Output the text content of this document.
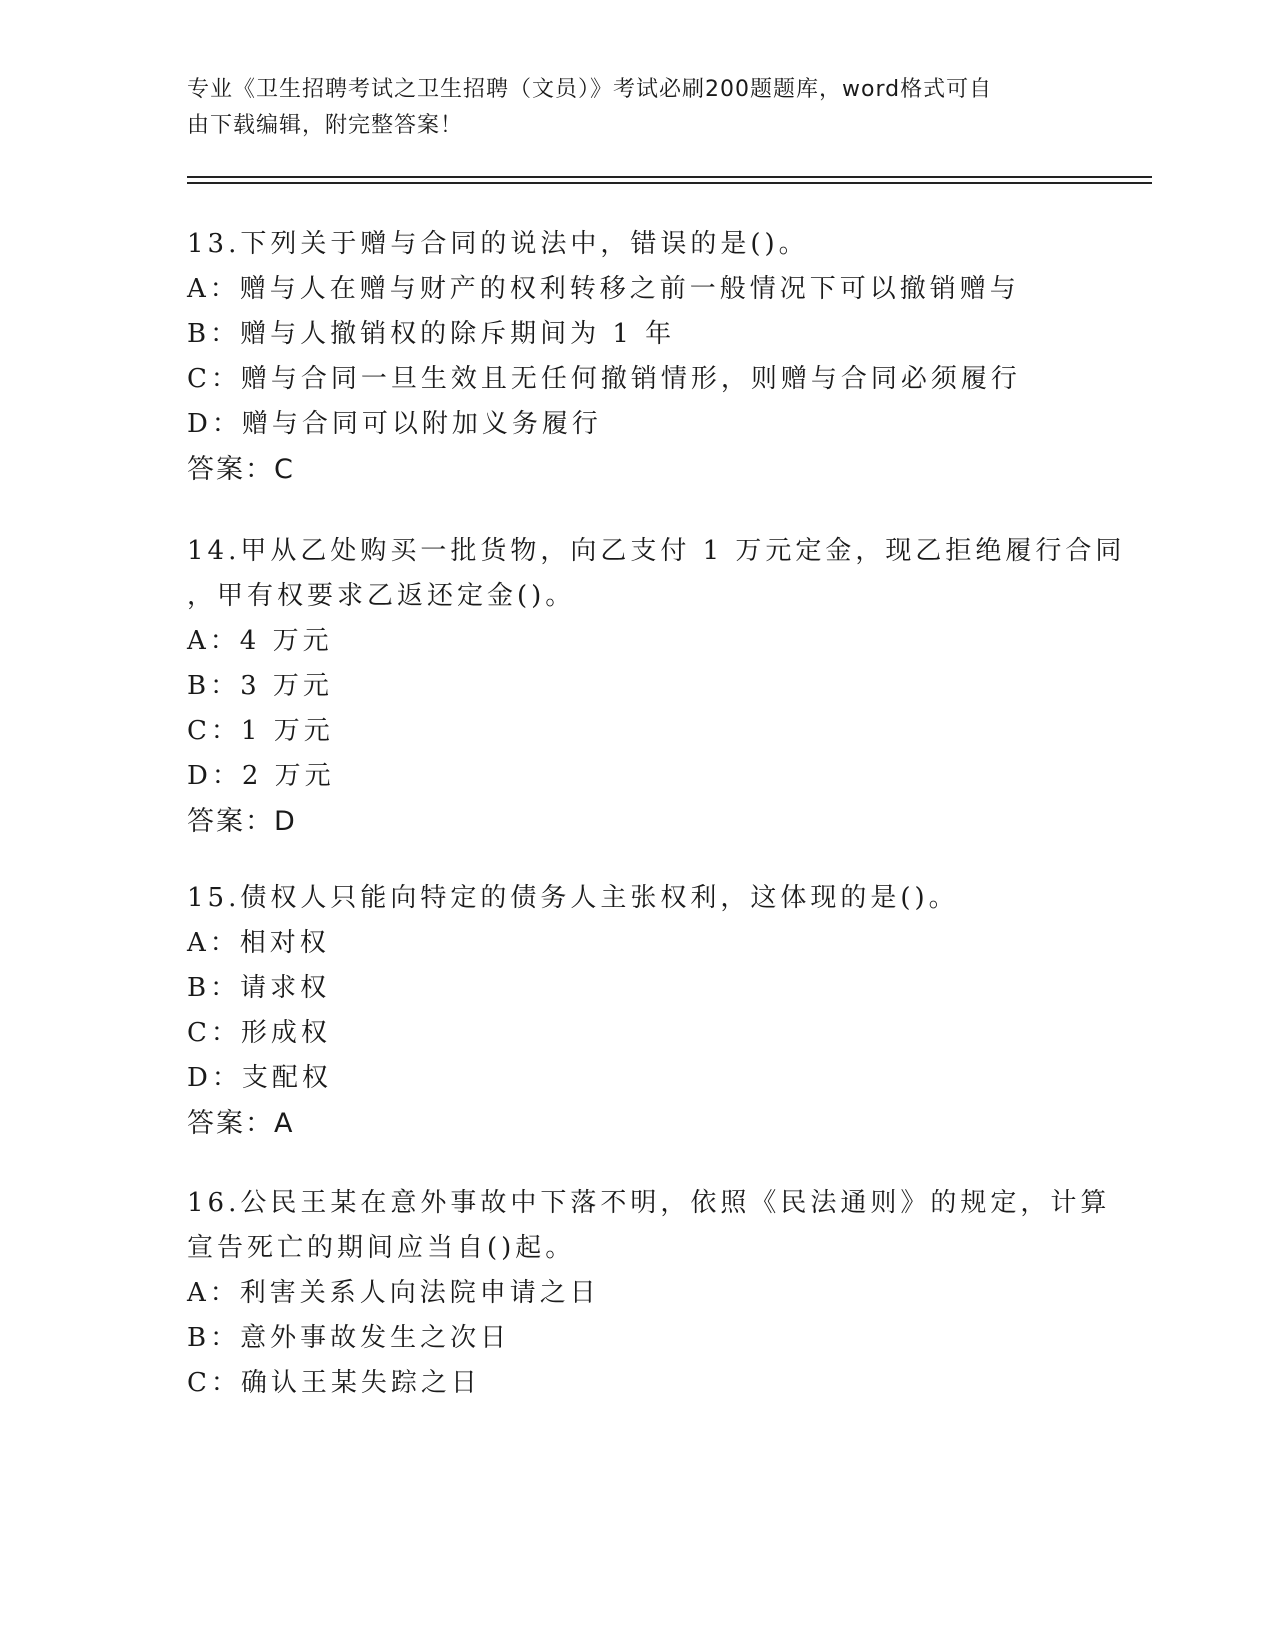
专业《卫生招聘考试之卫生招聘（文员）》考试必刷200题题库，word格式可自
由下载编辑，附完整答案！
13.下列关于赠与合同的说法中，错误的是()。
A：赠与人在赠与财产的权利转移之前一般情况下可以撤销赠与
B：赠与人撤销权的除斥期间为 1 年
C：赠与合同一旦生效且无任何撤销情形，则赠与合同必须履行
D：赠与合同可以附加义务履行
答案：C
14.甲从乙处购买一批货物，向乙支付 1 万元定金，现乙拒绝履行合同
，甲有权要求乙返还定金()。
A：4 万元
B：3 万元
C：1 万元
D：2 万元
答案：D
15.债权人只能向特定的债务人主张权利，这体现的是()。
A：相对权
B：请求权
C：形成权
D：支配权
答案：A
16.公民王某在意外事故中下落不明，依照《民法通则》的规定，计算
宣告死亡的期间应当自()起。
A：利害关系人向法院申请之日
B：意外事故发生之次日
C：确认王某失踪之日
